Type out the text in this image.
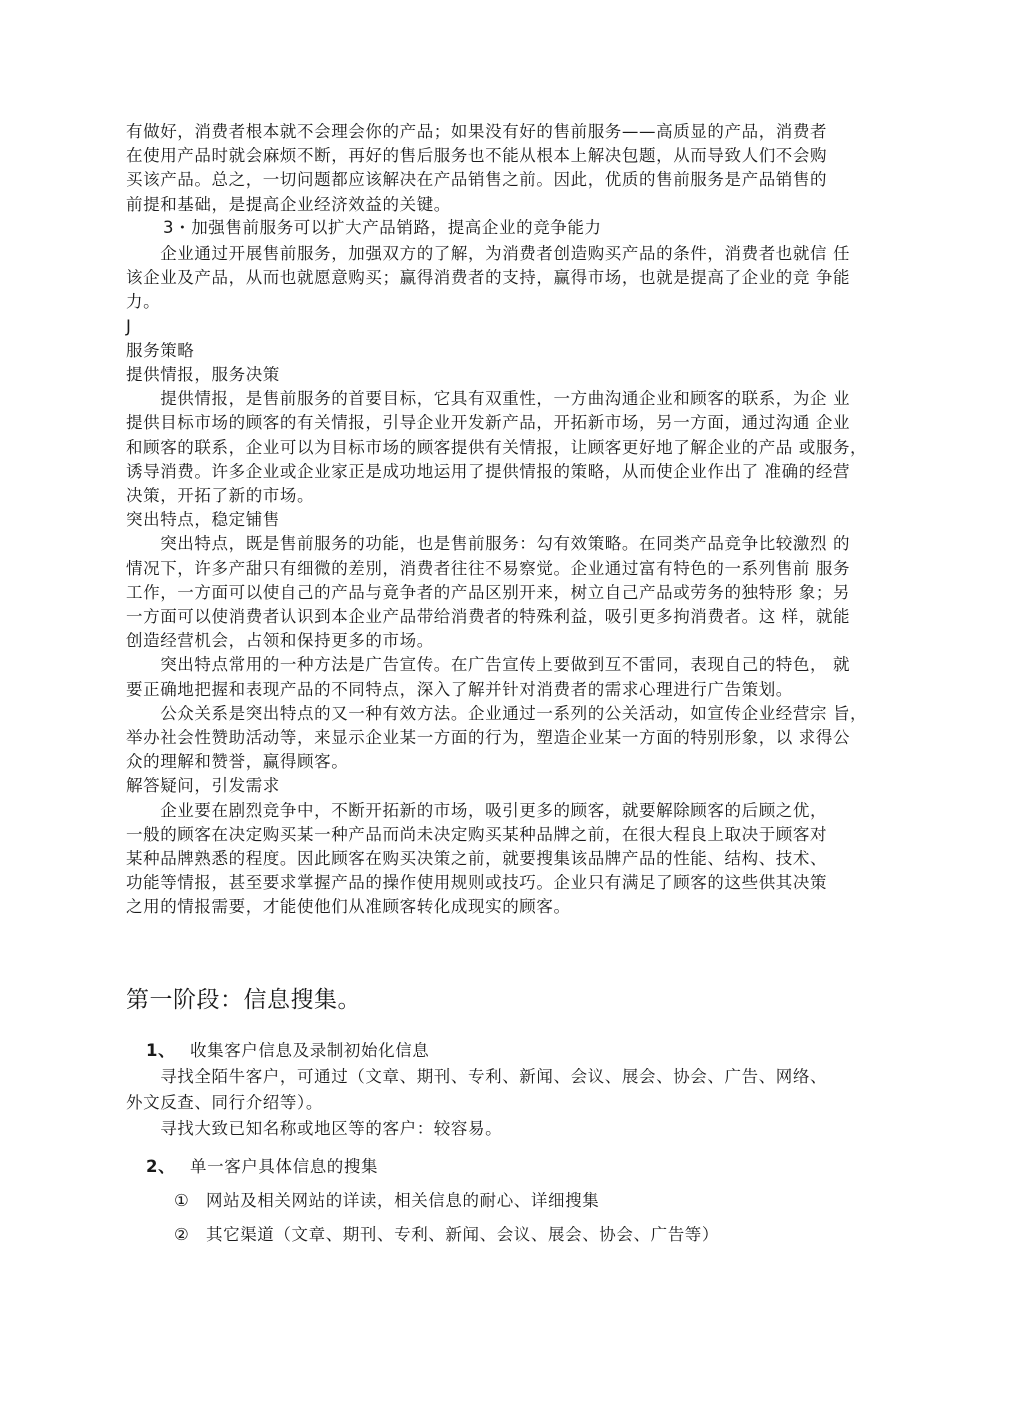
有做好，消费者根本就不会理会你的产品；如果没有好的售前服务——高质显的产品，消费者
在使用产品时就会麻烦不断，再好的售后服务也不能从根本上解决包题，从而导致人们不会购
买该产品。总之，一切问题都应该解决在产品销售之前。因此，优质的售前服务是产品销售的
前提和基础，是提高企业经济效益的关键。
3・加强售前服务可以扩大产品销路，提高企业的竞争能力
　　企业通过开展售前服务，加强双方的了解，为消费者创造购买产品的条件，消费者也就信 任
该企业及产品，从而也就愿意购买；赢得消费者的支持，赢得市场，也就是提高了企业的竞 争能
力。
J
服务策略
提供情报，服务决策
　　提供情报，是售前服务的首要目标，它具有双重性，一方曲沟通企业和顾客的联系，为企 业
提供目标市场的顾客的有关情报，引导企业开发新产品，开拓新市场，另一方面，通过沟通 企业
和顾客的联系，企业可以为目标市场的顾客提供有关情报，让顾客更好地了解企业的产品 或服务，
诱导消费。许多企业或企业家正是成功地运用了提供情报的策略，从而使企业作出了 准确的经营
决策，开拓了新的市场。
突出特点，稳定铺售
　　突出特点，既是售前服务的功能，也是售前服务：勾有效策略。在同类产品竞争比较激烈 的
情况下，许多产甜只有细微的差別，消费者往往不易察觉。企业通过富有特色的一系列售前 服务
工作，一方面可以使自己的产品与竟争者的产品区别开来，树立自己产品或劳务的独特形 象；另
一方面可以使消费者认识到本企业产品带给消费者的特殊利益，吸引更多拘消费者。这 样，就能
创造经营机会，占领和保持更多的市场。
　　突出特点常用的一种方法是广告宣传。在广告宣传上要做到互不雷同，表现自己的特色， 就
要正确地把握和表现产品的不同特点，深入了解并针对消费者的需求心理进行广告策划。
　　公众关系是突出特点的又一种有效方法。企业通过一系列的公关活动，如宣传企业经营宗 旨，
举办社会性赞助活动等，来显示企业某一方面的行为，塑造企业某一方面的特别形象，以 求得公
众的理解和赞誉，赢得顾客。
解答疑问，引发需求
　　企业要在剧烈竞争中，不断开拓新的市场，吸引更多的顾客，就要解除顾客的后顾之优，
一般的顾客在决定购买某一种产品而尚未决定购买某种品牌之前，在很大程良上取决于顾客对
某种品牌熟悉的程度。因此顾客在购买决策之前，就要搜集该品牌产品的性能、结构、技术、
功能等情报，甚至要求掌握产品的操作使用规则或技巧。企业只有满足了顾客的这些供其决策
之用的情报需要，才能使他们从准顾客转化成现实的顾客。
第一阶段：信息搜集。
1、 收集客户信息及录制初始化信息
　　寻找全陌牛客户，可通过（文章、期刊、专利、新闻、会议、展会、协会、广告、网络、
外文反查、同行介绍等）。
　　寻找大致已知名称或地区等的客户：较容易。
2、 单一客户具体信息的搜集
①	网站及相关网站的详读，相关信息的耐心、详细搜集
②	其它渠道（文章、期刊、专利、新闻、会议、展会、协会、广告等）
